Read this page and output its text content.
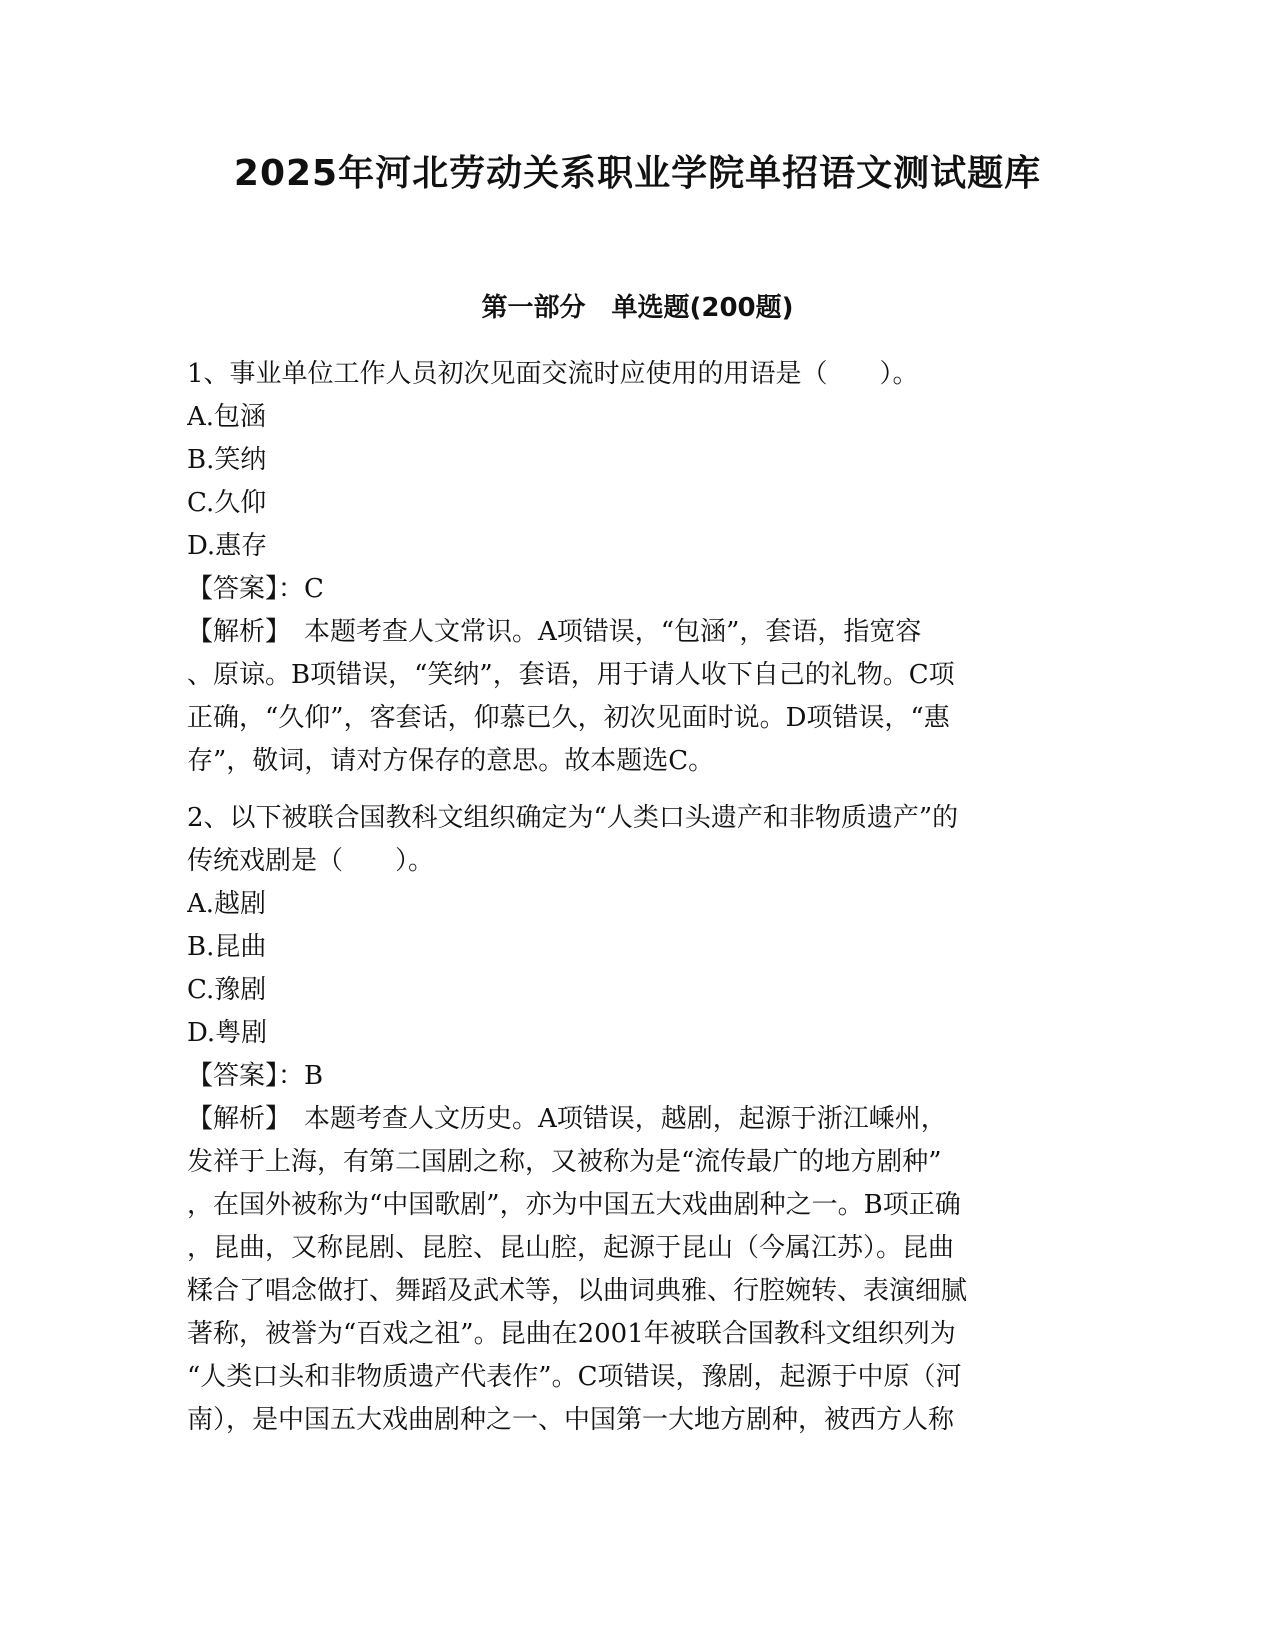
2025年河北劳动关系职业学院单招语文测试题库
第一部分　单选题(200题)
1、事业单位工作人员初次见面交流时应使用的用语是（　　）。
A.包涵
B.笑纳
C.久仰
D.惠存
【答案】：C
【解析】　本题考查人文常识。A项错误，“包涵”，套语，指宽容
、原谅。B项错误，“笑纳”，套语，用于请人收下自己的礼物。C项
正确，“久仰”，客套话，仰慕已久，初次见面时说。D项错误，“惠
存”，敬词，请对方保存的意思。故本题选C。
2、以下被联合国教科文组织确定为“人类口头遗产和非物质遗产”的
传统戏剧是（　　）。
A.越剧
B.昆曲
C.豫剧
D.粤剧
【答案】：B
【解析】　本题考查人文历史。A项错误，越剧，起源于浙江嵊州，
发祥于上海，有第二国剧之称，又被称为是“流传最广的地方剧种”
，在国外被称为“中国歌剧”，亦为中国五大戏曲剧种之一。B项正确
，昆曲，又称昆剧、昆腔、昆山腔，起源于昆山（今属江苏）。昆曲
糅合了唱念做打、舞蹈及武术等，以曲词典雅、行腔婉转、表演细腻
著称，被誉为“百戏之祖”。昆曲在2001年被联合国教科文组织列为
“人类口头和非物质遗产代表作”。C项错误，豫剧，起源于中原（河
南），是中国五大戏曲剧种之一、中国第一大地方剧种，被西方人称
